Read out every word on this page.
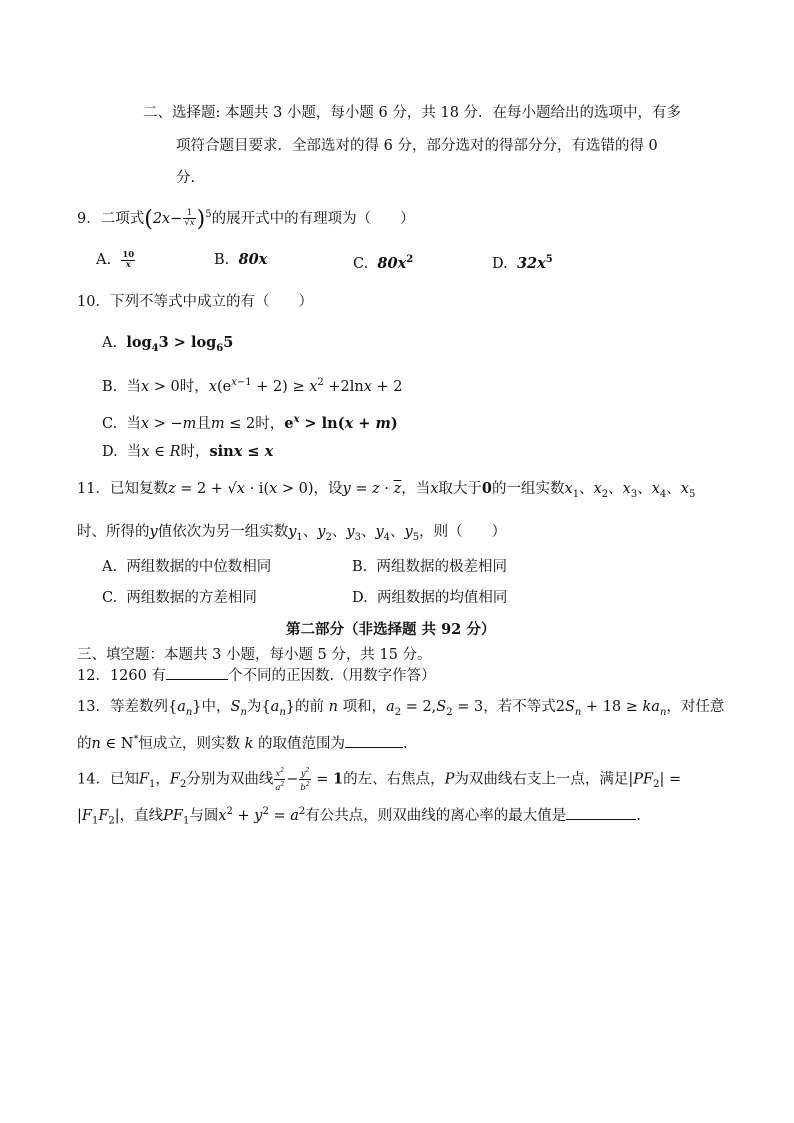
二、选择题: 本题共 3 小题，每小题 6 分，共 18 分．在每小题给出的选项中，有多
项符合题目要求．全部选对的得 6 分，部分选对的得部分分，有选错的得 0
分.
9．二项式$(2x- \frac{1}{√x} )^5$的展开式中的有理项为（　　）
A. $\frac{10}{x}$	B. 80x	C. $80x^2$	D. $32x^5$
10．下列不等式中成立的有（　　）
A. $\log_43 > \log_65$
B.  当x > 0时，$x(e^{x-1} + 2) \ge x^2 +2\ln x + 2$
C.  当x > −m且m ≤ 2时，$e^x > \ln(x + m)$
D.  当x ∈ R时，sinx ≤ x
11．已知复数z = 2 + √x · i(x > 0)，设$y = z \cdot \overline{z}$，当x取大于0的一组实数$x_1$、$x_2$、$x_3$、$x_4$、$x_5$
时、所得的y值依次为另一组实数$y_1$、$y_2$、$y_3$、$y_4$、$y_5$，则（　　）
A. 两组数据的中位数相同	B. 两组数据的极差相同
C. 两组数据的方差相同	D. 两组数据的均值相同
第二部分（非选择题 共 92 分）
三、填空题：本题共 3 小题，每小题 5 分，共 15 分。
12．1260 有	个不同的正因数.（用数字作答）
13．等差数列$\{a_n\}$中，$S_n$为$\{a_n\}$的前 n 项和，$a_2 = 2,S_2 = 3$，若不等式$2S_n + 18 \ge ka_n$，对任意
的n ∈ N*恒成立，则实数 k 的取值范围为	.
14．已知$F_1$，$F_2$分别为双曲线 $\frac{x^2}{a^2} - \frac{y^2}{b^2} = 1$的左、右焦点，P为双曲线右支上一点，满足$|PF_2|$ =
$|F_1F_2|$，直线$PF_1$与圆$x^2 + y^2 = a^2$有公共点，则双曲线的离心率的最大值是	.
